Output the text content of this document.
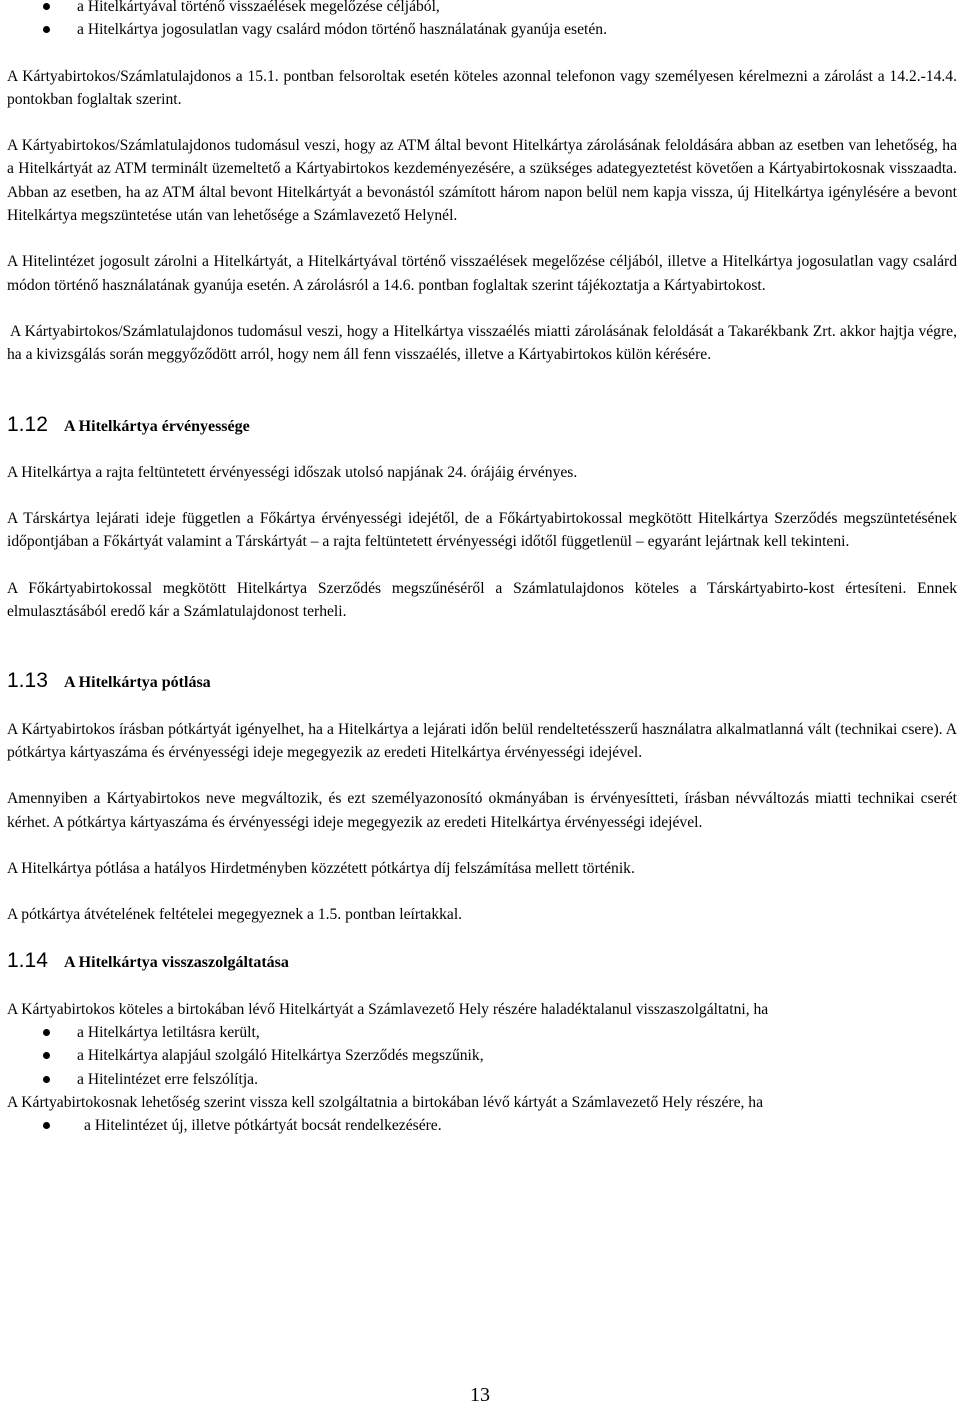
a Hitelkártyával történő visszaélések megelőzése céljából,
a Hitelkártya jogosulatlan vagy csalárd módon történő használatának gyanúja esetén.

A Kártyabirtokos/Számlatulajdonos a 15.1. pontban felsoroltak esetén köteles azonnal telefonon vagy személyesen kérelmezni a zárolást a 14.2.-14.4. pontokban foglaltak szerint.

A Kártyabirtokos/Számlatulajdonos tudomásul veszi, hogy az ATM által bevont Hitelkártya zárolásának feloldására abban az esetben van lehetőség, ha a Hitelkártyát az ATM terminált üzemeltető a Kártyabirtokos kezdeményezésére, a szükséges adategyeztetést követően a Kártyabirtokosnak visszaadta. Abban az esetben, ha az ATM által bevont Hitelkártyát a bevonástól számított három napon belül nem kapja vissza, új Hitelkártya igénylésére a bevont Hitelkártya megszüntetése után van lehetősége a Számlavezető Helynél.

A Hitelintézet jogosult zárolni a Hitelkártyát, a Hitelkártyával történő visszaélések megelőzése céljából, illetve a Hitelkártya jogosulatlan vagy csalárd módon történő használatának gyanúja esetén. A zárolásról a 14.6. pontban foglaltak szerint tájékoztatja a Kártyabirtokost.

A Kártyabirtokos/Számlatulajdonos tudomásul veszi, hogy a Hitelkártya visszaélés miatti zárolásának feloldását a Takarékbank Zrt. akkor hajtja végre, ha a kivizsgálás során meggyőződött arról, hogy nem áll fenn visszaélés, illetve a Kártyabirtokos külön kérésére.

1.12	A Hitelkártya érvényessége

A Hitelkártya a rajta feltüntetett érvényességi időszak utolsó napjának 24. órájáig érvényes.

A Társkártya lejárati ideje független a Főkártya érvényességi idejétől, de a Főkártyabirtokossal megkötött Hitelkártya Szerződés megszüntetésének időpontjában a Főkártyát valamint a Társkártyát – a rajta feltüntetett érvényességi időtől függetlenül – egyaránt lejártnak kell tekinteni.

A Főkártyabirtokossal megkötött Hitelkártya Szerződés megszűnéséről a Számlatulajdonos köteles a Társkártyabirto-kost értesíteni. Ennek elmulasztásából eredő kár a Számlatulajdonost terheli.

1.13	A Hitelkártya pótlása

A Kártyabirtokos írásban pótkártyát igényelhet, ha a Hitelkártya a lejárati időn belül rendeltetésszerű használatra alkalmatlanná vált (technikai csere). A pótkártya kártyaszáma és érvényességi ideje megegyezik az eredeti Hitelkártya érvényességi idejével.

Amennyiben a Kártyabirtokos neve megváltozik, és ezt személyazonosító okmányában is érvényesítteti, írásban névváltozás miatti technikai cserét kérhet. A pótkártya kártyaszáma és érvényességi ideje megegyezik az eredeti Hitelkártya érvényességi idejével.

A Hitelkártya pótlása a hatályos Hirdetményben közzétett pótkártya díj felszámítása mellett történik.

A pótkártya átvételének feltételei megegyeznek a 1.5. pontban leírtakkal.

1.14	A Hitelkártya visszaszolgáltatása

A Kártyabirtokos köteles a birtokában lévő Hitelkártyát a Számlavezető Hely részére haladéktalanul visszaszolgáltatni, ha

a Hitelkártya letiltásra került,
a Hitelkártya alapjául szolgáló Hitelkártya Szerződés megszűnik,
a Hitelintézet erre felszólítja.

A Kártyabirtokosnak lehetőség szerint vissza kell szolgáltatnia a birtokában lévő kártyát a Számlavezető Hely részére, ha

a Hitelintézet új, illetve pótkártyát bocsát rendelkezésére.
13
